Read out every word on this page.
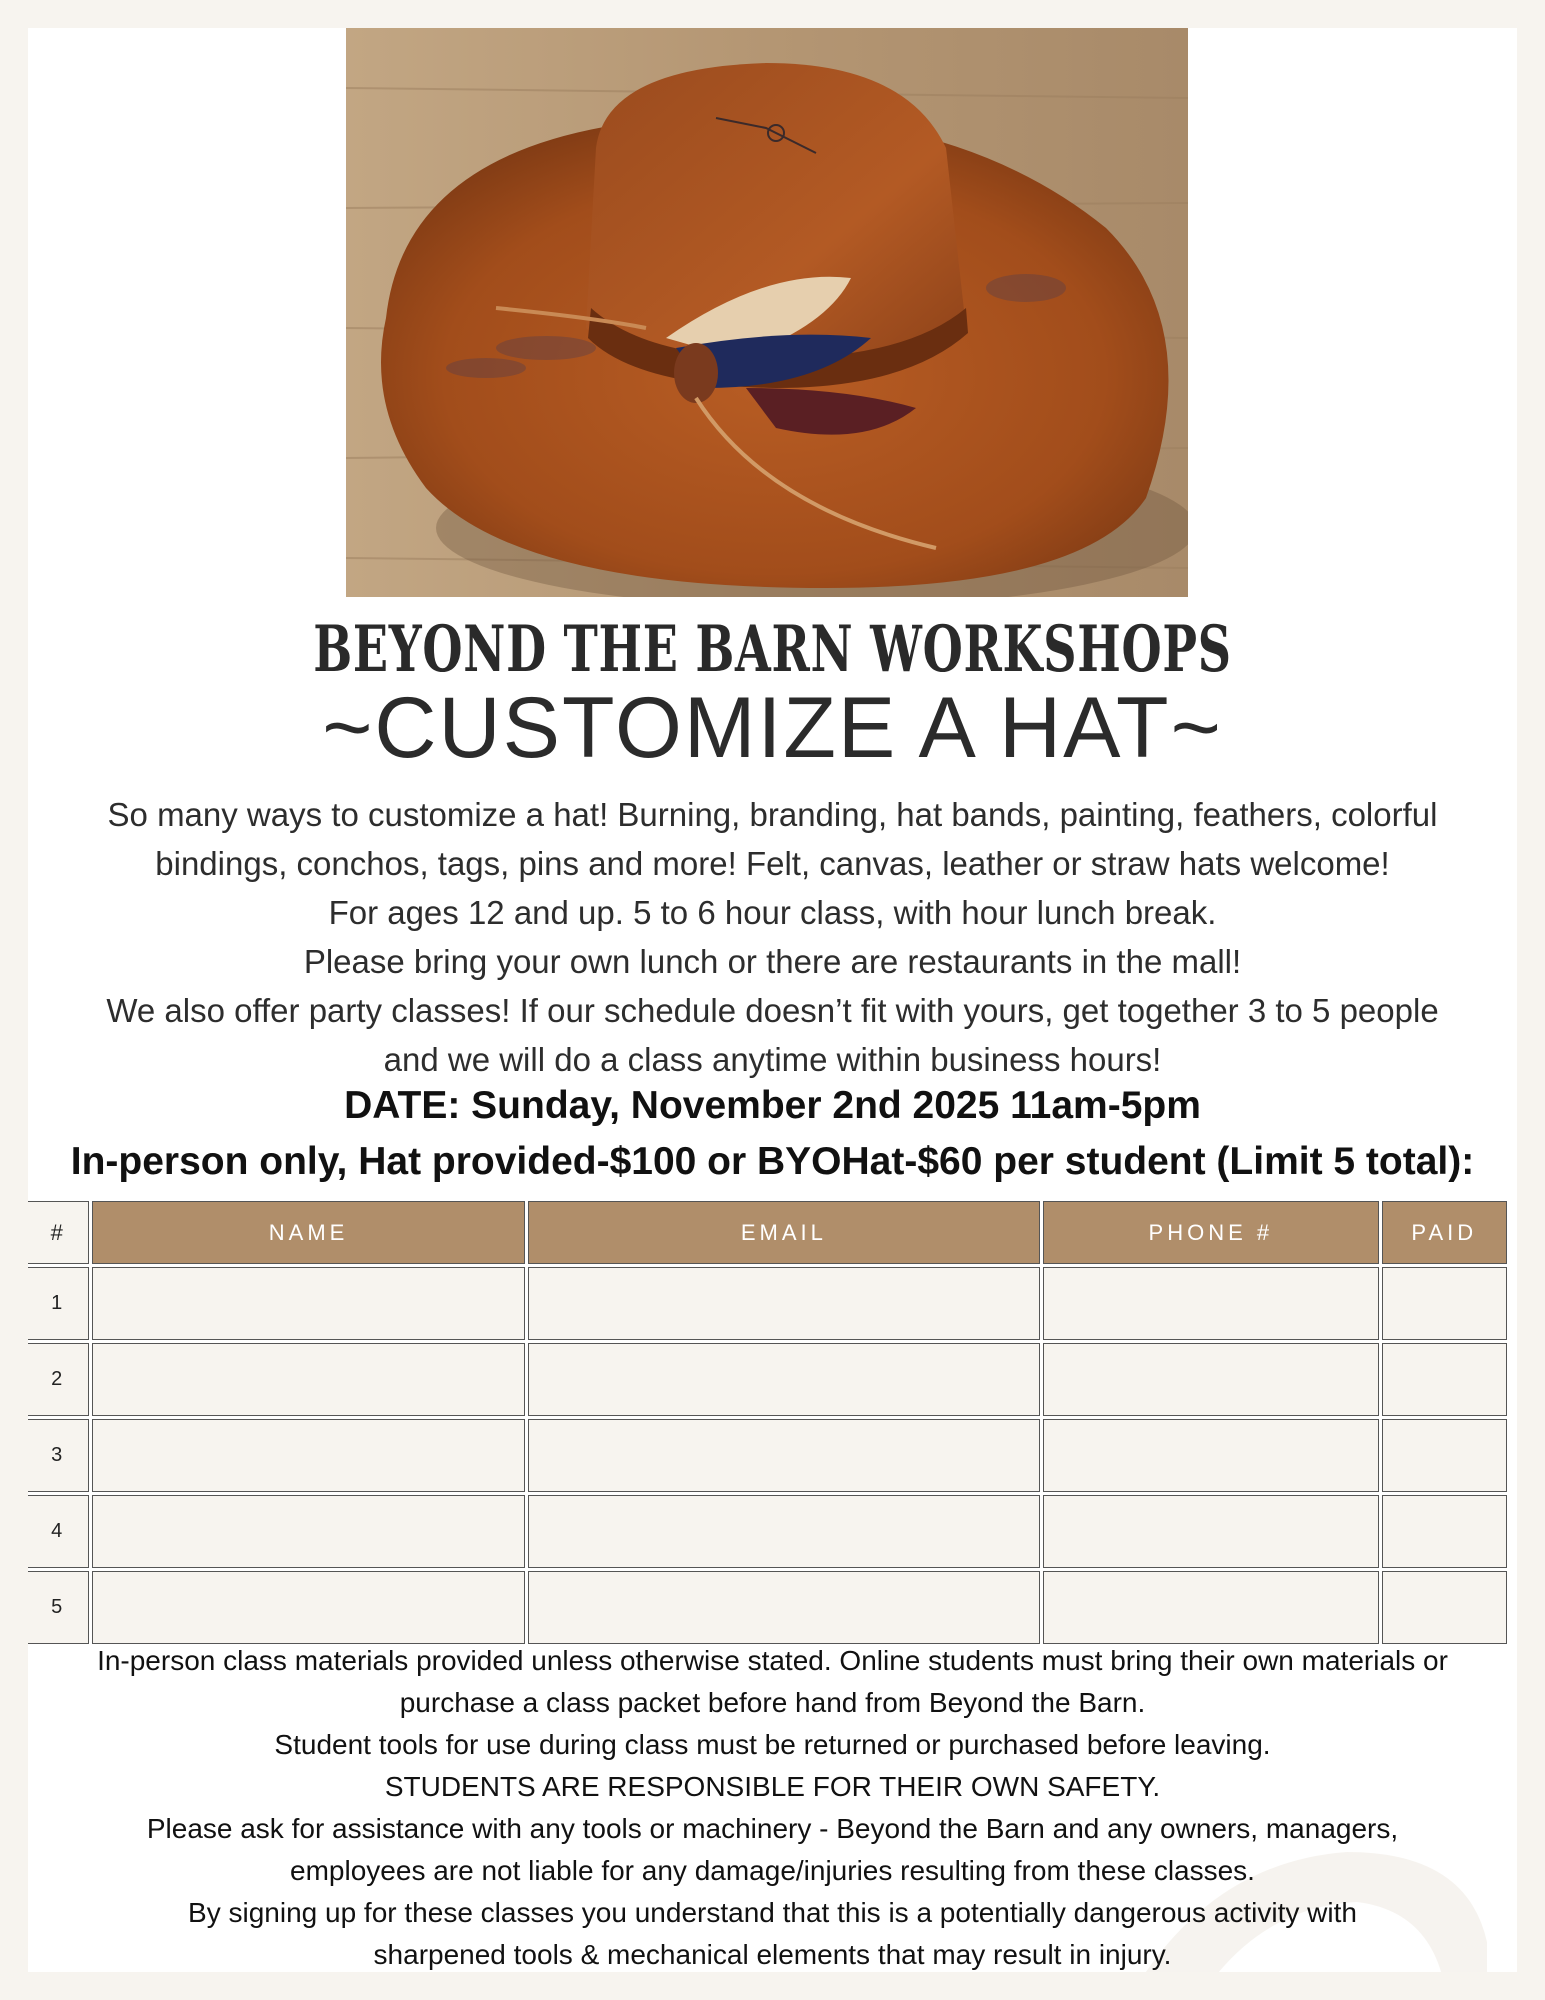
BEYOND THE BARN WORKSHOPS
~CUSTOMIZE A HAT~
So many ways to customize a hat! Burning, branding, hat bands, painting, feathers, colorful
bindings, conchos, tags, pins and more! Felt, canvas, leather or straw hats welcome!
For ages 12 and up. 5 to 6 hour class, with hour lunch break.
Please bring your own lunch or there are restaurants in the mall!
We also offer party classes! If our schedule doesn’t fit with yours, get together 3 to 5 people
and we will do a class anytime within business hours!
DATE: Sunday, November 2nd 2025 11am-5pm
In-person only, Hat provided-$100 or BYOHat-$60 per student (Limit 5 total):
#	NAME	EMAIL	PHONE #	PAID
1				
2				
3				
4				
5				
In-person class materials provided unless otherwise stated. Online students must bring their own materials or
purchase a class packet before hand from Beyond the Barn.
Student tools for use during class must be returned or purchased before leaving.
STUDENTS ARE RESPONSIBLE FOR THEIR OWN SAFETY.
Please ask for assistance with any tools or machinery - Beyond the Barn and any owners, managers,
employees are not liable for any damage/injuries resulting from these classes.
By signing up for these classes you understand that this is a potentially dangerous activity with
sharpened tools & mechanical elements that may result in injury.
